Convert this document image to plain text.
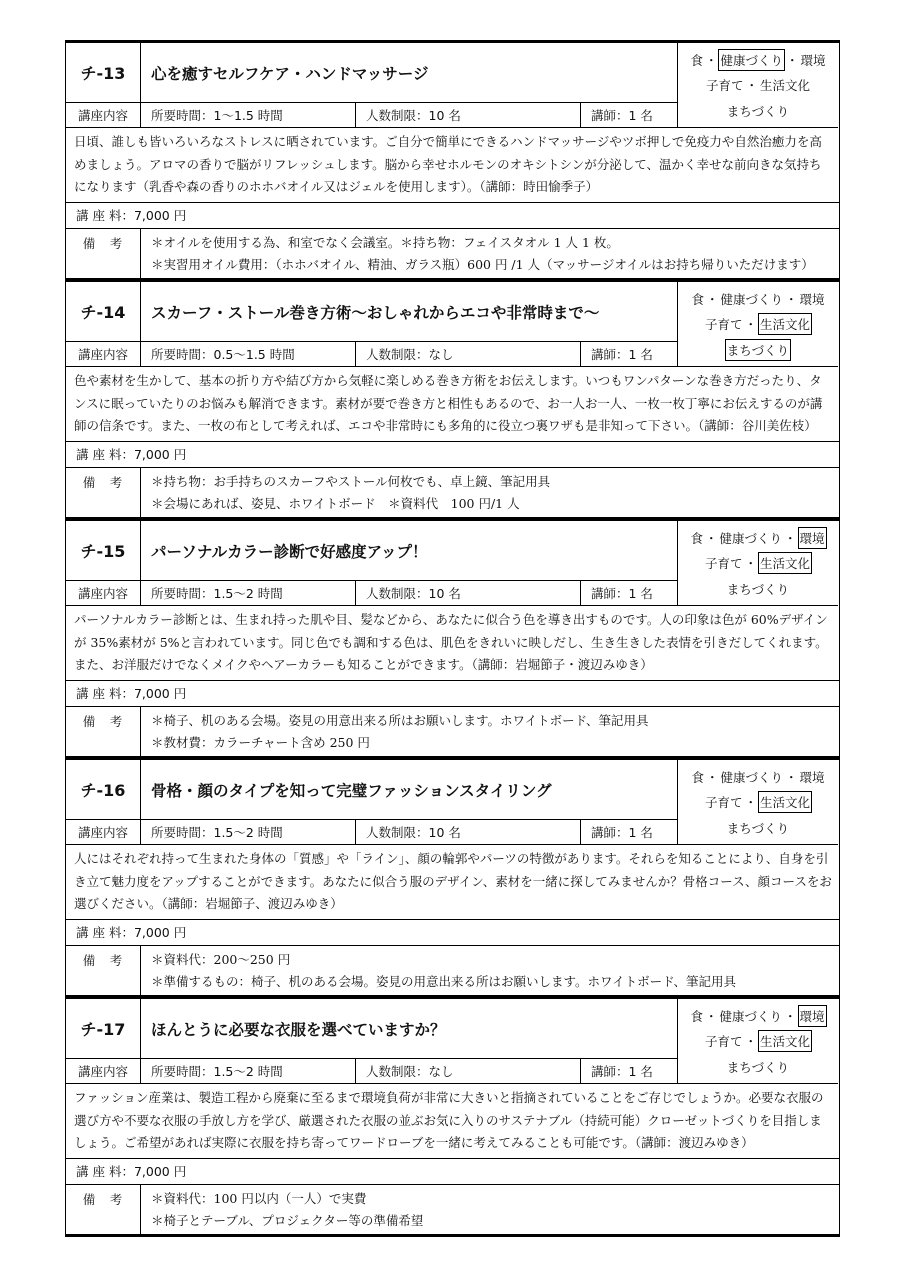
チ-13	心を癒すセルフケア・ハンドマッサージ
食 ・ 健康づくり ・ 環境
子育て ・ 生活文化
まちづくり
講座内容	所要時間：1〜1.5 時間	人数制限：10 名	講師：1 名
日頃、誰しも皆いろいろなストレスに晒されています。ご自分で簡単にできるハンドマッサージやツボ押しで免疫力や自然治癒力を高めましょう。アロマの香りで脳がリフレッシュします。脳から幸せホルモンのオキシトシンが分泌して、温かく幸せな前向きな気持ちになります（乳香や森の香りのホホバオイル又はジェルを使用します）。（講師：時田愉季子）
講 座 料： 7,000 円
備　考	＊オイルを使用する為、和室でなく会議室。＊持ち物：フェイスタオル 1 人 1 枚。
＊実習用オイル費用：（ホホバオイル、精油、ガラス瓶）600 円 /1 人（マッサージオイルはお持ち帰りいただけます）
チ-14	スカーフ・ストール巻き方術〜おしゃれからエコや非常時まで〜
食 ・ 健康づくり ・ 環境
子育て ・ 生活文化
まちづくり
講座内容	所要時間：0.5〜1.5 時間	人数制限：なし	講師：1 名
色や素材を生かして、基本の折り方や結び方から気軽に楽しめる巻き方術をお伝えします。いつもワンパターンな巻き方だったり、タンスに眠っていたりのお悩みも解消できます。素材が要で巻き方と相性もあるので、お一人お一人、一枚一枚丁寧にお伝えするのが講師の信条です。また、一枚の布として考えれば、エコや非常時にも多角的に役立つ裏ワザも是非知って下さい。（講師：谷川美佐枝）
講 座 料： 7,000 円
備　考	＊持ち物：お手持ちのスカーフやストール何枚でも、卓上鏡、筆記用具
＊会場にあれば、姿見、ホワイトボード　＊資料代　100 円/1 人
チ-15	パーソナルカラー診断で好感度アップ！
食 ・ 健康づくり ・ 環境
子育て ・ 生活文化
まちづくり
講座内容	所要時間：1.5〜2 時間	人数制限：10 名	講師：1 名
パーソナルカラー診断とは、生まれ持った肌や目、髪などから、あなたに似合う色を導き出すものです。人の印象は色が 60%デザインが 35%素材が 5%と言われています。同じ色でも調和する色は、肌色をきれいに映しだし、生き生きした表情を引きだしてくれます。また、お洋服だけでなくメイクやヘアーカラーも知ることができます。（講師：岩堀節子・渡辺みゆき）
講 座 料： 7,000 円
備　考	＊椅子、机のある会場。姿見の用意出来る所はお願いします。ホワイトボード、筆記用具
＊教材費：カラーチャート含め 250 円
チ-16	骨格・顔のタイプを知って完璧ファッションスタイリング
食 ・ 健康づくり ・ 環境
子育て ・ 生活文化
まちづくり
講座内容	所要時間：1.5〜2 時間	人数制限：10 名	講師：1 名
人にはそれぞれ持って生まれた身体の「質感」や「ライン」、顔の輪郭やパーツの特徴があります。それらを知ることにより、自身を引き立て魅力度をアップすることができます。あなたに似合う服のデザイン、素材を一緒に探してみませんか？骨格コース、顔コースをお選びください。（講師：岩堀節子、渡辺みゆき）
講 座 料： 7,000 円
備　考	＊資料代：200〜250 円
＊準備するもの：椅子、机のある会場。姿見の用意出来る所はお願いします。ホワイトボード、筆記用具
チ-17	ほんとうに必要な衣服を選べていますか？
食 ・ 健康づくり ・ 環境
子育て ・ 生活文化
まちづくり
講座内容	所要時間：1.5〜2 時間	人数制限：なし	講師：1 名
ファッション産業は、製造工程から廃棄に至るまで環境負荷が非常に大きいと指摘されていることをご存じでしょうか。必要な衣服の選び方や不要な衣服の手放し方を学び、厳選された衣服の並ぶお気に入りのサステナブル（持続可能）クローゼットづくりを目指しましょう。ご希望があれば実際に衣服を持ち寄ってワードローブを一緒に考えてみることも可能です。（講師：渡辺みゆき）
講 座 料： 7,000 円
備　考	＊資料代：100 円以内（一人）で実費
＊椅子とテーブル、プロジェクター等の準備希望
